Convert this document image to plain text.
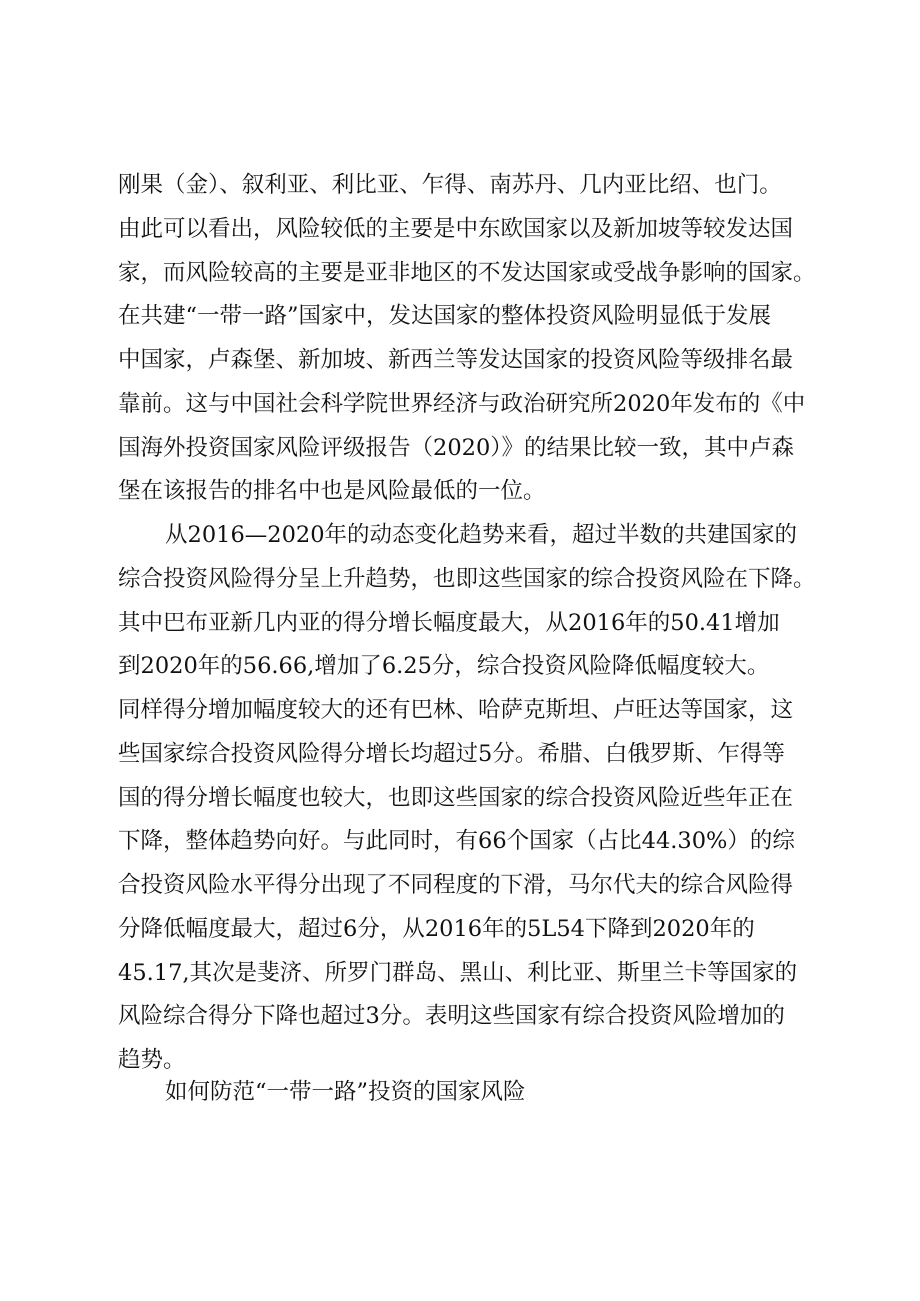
刚果（金）、叙利亚、利比亚、乍得、南苏丹、几内亚比绍、也门。
由此可以看出，风险较低的主要是中东欧国家以及新加坡等较发达国
家，而风险较高的主要是亚非地区的不发达国家或受战争影响的国家。
在共建“一带一路”国家中，发达国家的整体投资风险明显低于发展
中国家，卢森堡、新加坡、新西兰等发达国家的投资风险等级排名最
靠前。这与中国社会科学院世界经济与政治研究所2020年发布的《中
国海外投资国家风险评级报告（2020）》的结果比较一致，其中卢森
堡在该报告的排名中也是风险最低的一位。
从2016—2020年的动态变化趋势来看，超过半数的共建国家的
综合投资风险得分呈上升趋势，也即这些国家的综合投资风险在下降。
其中巴布亚新几内亚的得分增长幅度最大，从2016年的50.41增加
到2020年的56.66,增加了6.25分，综合投资风险降低幅度较大。
同样得分增加幅度较大的还有巴林、哈萨克斯坦、卢旺达等国家，这
些国家综合投资风险得分增长均超过5分。希腊、白俄罗斯、乍得等
国的得分增长幅度也较大，也即这些国家的综合投资风险近些年正在
下降，整体趋势向好。与此同时，有66个国家（占比44.30%）的综
合投资风险水平得分出现了不同程度的下滑，马尔代夫的综合风险得
分降低幅度最大，超过6分，从2016年的5L54下降到2020年的
45.17,其次是斐济、所罗门群岛、黑山、利比亚、斯里兰卡等国家的
风险综合得分下降也超过3分。表明这些国家有综合投资风险增加的
趋势。
如何防范“一带一路”投资的国家风险
